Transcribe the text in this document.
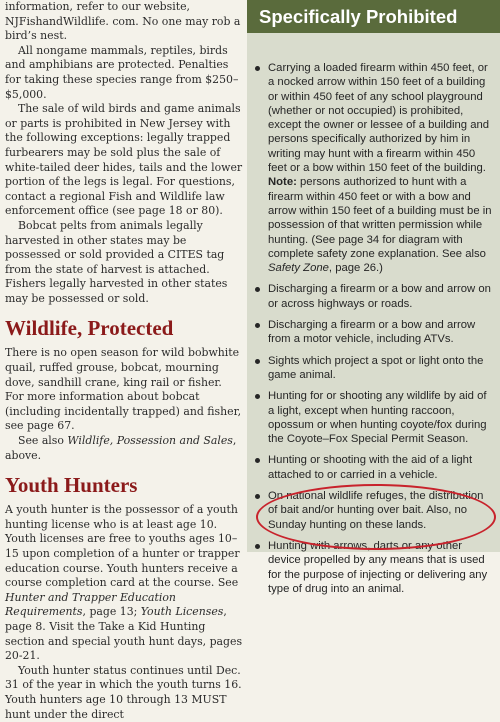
information, refer to our website, NJFishandWildlife. com. No one may rob a bird’s nest.

All nongame mammals, reptiles, birds and amphibians are protected. Penalties for taking these species range from $250–$5,000.

The sale of wild birds and game animals or parts is prohibited in New Jersey with the following exceptions: legally trapped furbearers may be sold plus the sale of white-tailed deer hides, tails and the lower portion of the legs is legal. For questions, contact a regional Fish and Wildlife law enforcement office (see page 18 or 80).

Bobcat pelts from animals legally harvested in other states may be possessed or sold provided a CITES tag from the state of harvest is attached. Fishers legally harvested in other states may be possessed or sold.

Wildlife, Protected

There is no open season for wild bobwhite quail, ruffed grouse, bobcat, mourning dove, sandhill crane, king rail or fisher. For more information about bobcat (including incidentally trapped) and fisher, see page 67.

See also Wildlife, Possession and Sales, above.

Youth Hunters

A youth hunter is the possessor of a youth hunting license who is at least age 10. Youth licenses are free to youths ages 10–15 upon completion of a hunter or trapper education course. Youth hunters receive a course completion card at the course. See Hunter and Trapper Education Requirements, page 13; Youth Licenses, page 8. Visit the Take a Kid Hunting section and special youth hunt days, pages 20-21.

Youth hunter status continues until Dec. 31 of the year in which the youth turns 16. Youth hunters age 10 through 13 MUST hunt under the direct

Specifically Prohibited
Carrying a loaded firearm within 450 feet, or a nocked arrow within 150 feet of a building or within 450 feet of any school playground (whether or not occupied) is prohibited, except the owner or lessee of a building and persons specifically authorized by him in writing may hunt with a firearm within 450 feet or a bow within 150 feet of the building. Note: persons authorized to hunt with a firearm within 450 feet or with a bow and arrow within 150 feet of a building must be in possession of that written permission while hunting. (See page 34 for diagram with complete safety zone explanation. See also Safety Zone, page 26.)
Discharging a firearm or a bow and arrow on or across highways or roads.
Discharging a firearm or a bow and arrow from a motor vehicle, including ATVs.
Sights which project a spot or light onto the game animal.
Hunting for or shooting any wildlife by aid of a light, except when hunting raccoon, opossum or when hunting coyote/fox during the Coyote–Fox Special Permit Season.
Hunting or shooting with the aid of a light attached to or carried in a vehicle.
On national wildlife refuges, the distribution of bait and/or hunting over bait. Also, no Sunday hunting on these lands.
Hunting with arrows, darts or any other device propelled by any means that is used for the purpose of injecting or delivering any type of drug into an animal.
